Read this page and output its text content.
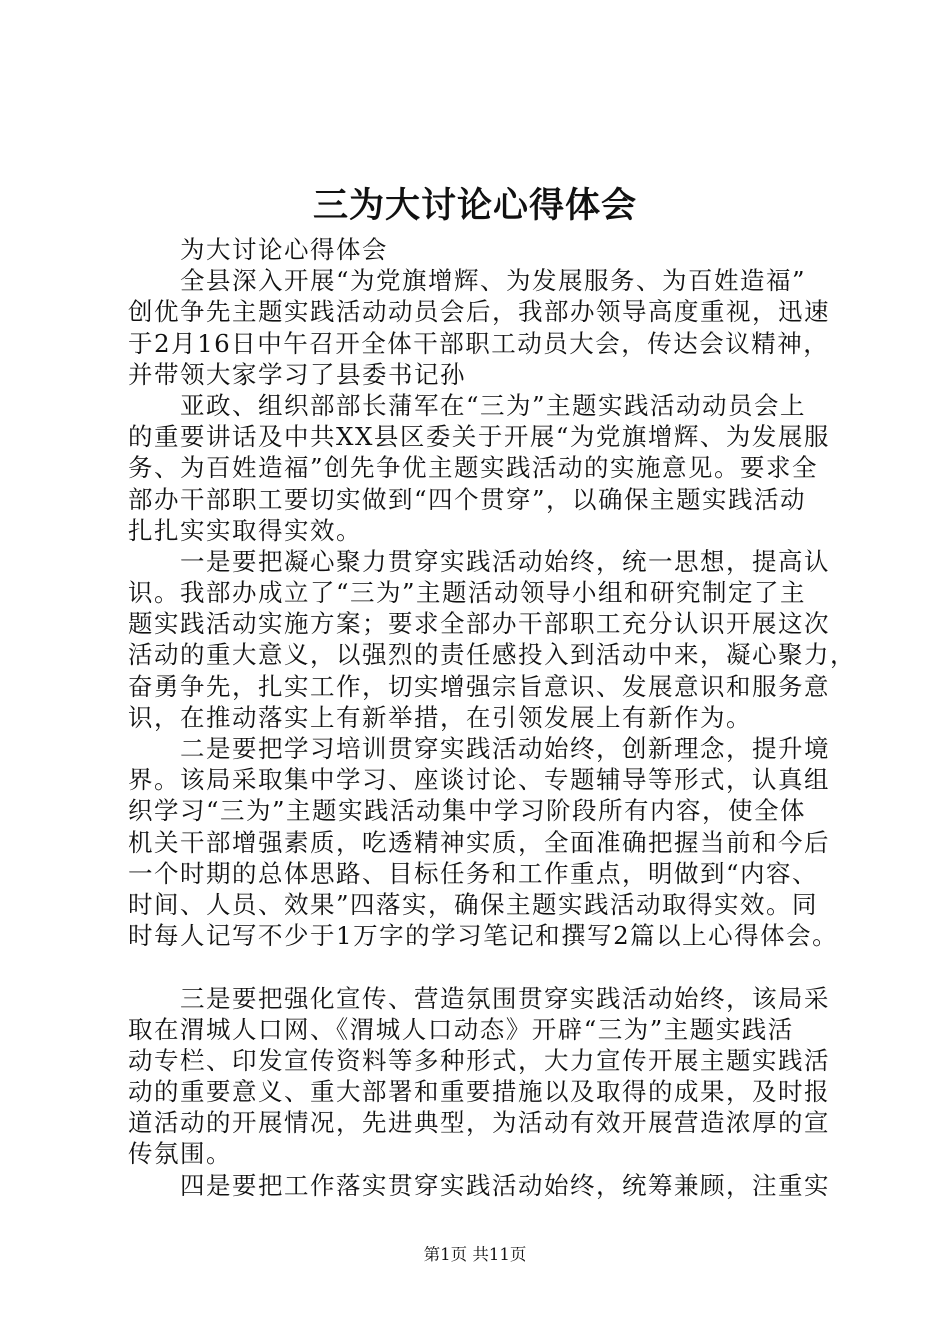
三为大讨论心得体会
为大讨论心得体会
全县深入开展“为党旗增辉、为发展服务、为百姓造福”
创优争先主题实践活动动员会后，我部办领导高度重视，迅速
于2月16日中午召开全体干部职工动员大会，传达会议精神，
并带领大家学习了县委书记孙
亚政、组织部部长蒲军在“三为”主题实践活动动员会上
的重要讲话及中共XX县区委关于开展“为党旗增辉、为发展服
务、为百姓造福”创先争优主题实践活动的实施意见。要求全
部办干部职工要切实做到“四个贯穿”，以确保主题实践活动
扎扎实实取得实效。
一是要把凝心聚力贯穿实践活动始终，统一思想，提高认
识。我部办成立了“三为”主题活动领导小组和研究制定了主
题实践活动实施方案；要求全部办干部职工充分认识开展这次
活动的重大意义，以强烈的责任感投入到活动中来，凝心聚力，
奋勇争先，扎实工作，切实增强宗旨意识、发展意识和服务意
识，在推动落实上有新举措，在引领发展上有新作为。
二是要把学习培训贯穿实践活动始终，创新理念，提升境
界。该局采取集中学习、座谈讨论、专题辅导等形式，认真组
织学习“三为”主题实践活动集中学习阶段所有内容，使全体
机关干部增强素质，吃透精神实质，全面准确把握当前和今后
一个时期的总体思路、目标任务和工作重点，明做到“内容、
时间、人员、效果”四落实，确保主题实践活动取得实效。同
时每人记写不少于1万字的学习笔记和撰写2篇以上心得体会。
三是要把强化宣传、营造氛围贯穿实践活动始终，该局采
取在渭城人口网、《渭城人口动态》开辟“三为”主题实践活
动专栏、印发宣传资料等多种形式，大力宣传开展主题实践活
动的重要意义、重大部署和重要措施以及取得的成果，及时报
道活动的开展情况，先进典型，为活动有效开展营造浓厚的宣
传氛围。
四是要把工作落实贯穿实践活动始终，统筹兼顾，注重实
第1页 共11页
